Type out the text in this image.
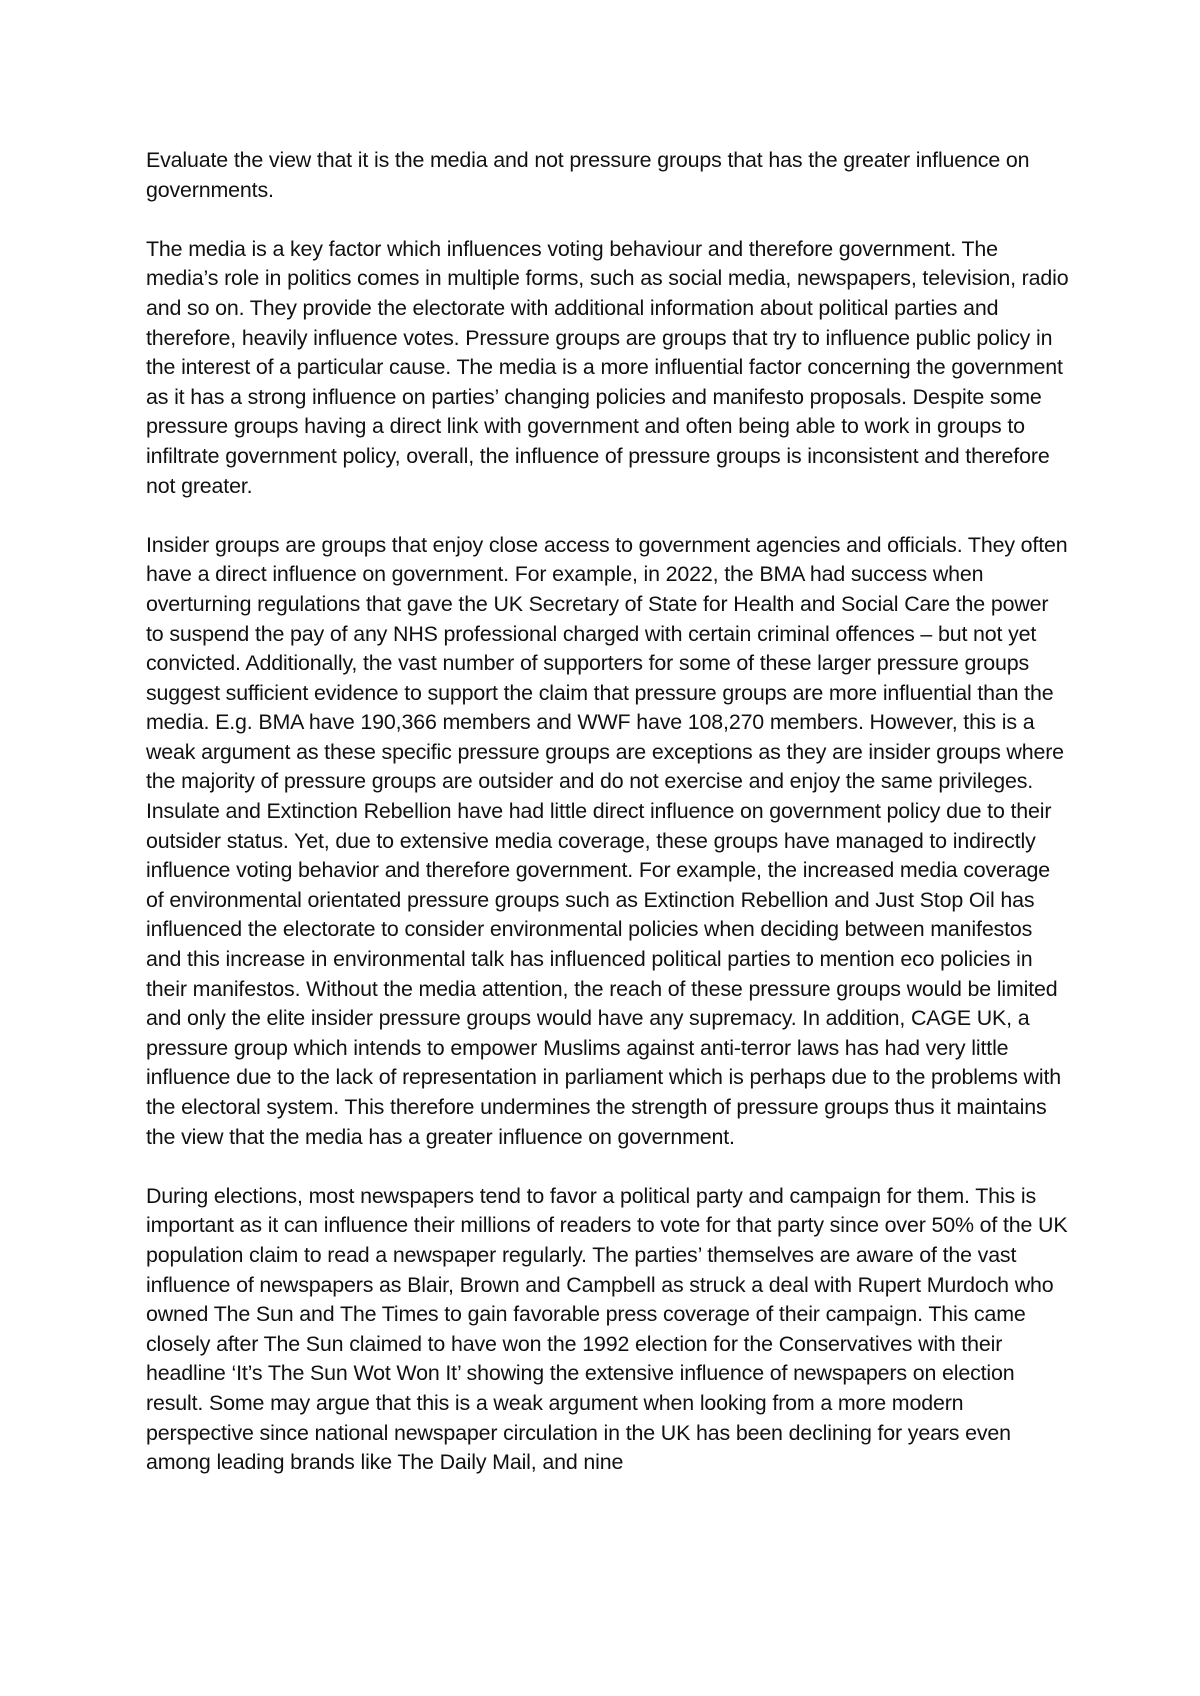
Evaluate the view that it is the media and not pressure groups that has the greater influence on governments.

The media is a key factor which influences voting behaviour and therefore government. The media’s role in politics comes in multiple forms, such as social media, newspapers, television, radio and so on. They provide the electorate with additional information about political parties and therefore, heavily influence votes. Pressure groups are groups that try to influence public policy in the interest of a particular cause. The media is a more influential factor concerning the government as it has a strong influence on parties’ changing policies and manifesto proposals. Despite some pressure groups having a direct link with government and often being able to work in groups to infiltrate government policy, overall, the influence of pressure groups is inconsistent and therefore not greater.

Insider groups are groups that enjoy close access to government agencies and officials. They often have a direct influence on government. For example, in 2022, the BMA had success when overturning regulations that gave the UK Secretary of State for Health and Social Care the power to suspend the pay of any NHS professional charged with certain criminal offences – but not yet convicted. Additionally, the vast number of supporters for some of these larger pressure groups suggest sufficient evidence to support the claim that pressure groups are more influential than the media. E.g. BMA have 190,366 members and WWF have 108,270 members. However, this is a weak argument as these specific pressure groups are exceptions as they are insider groups where the majority of pressure groups are outsider and do not exercise and enjoy the same privileges. Insulate and Extinction Rebellion have had little direct influence on government policy due to their outsider status. Yet, due to extensive media coverage, these groups have managed to indirectly influence voting behavior and therefore government. For example, the increased media coverage of environmental orientated pressure groups such as Extinction Rebellion and Just Stop Oil has influenced the electorate to consider environmental policies when deciding between manifestos and this increase in environmental talk has influenced political parties to mention eco policies in their manifestos. Without the media attention, the reach of these pressure groups would be limited and only the elite insider pressure groups would have any supremacy. In addition, CAGE UK, a pressure group which intends to empower Muslims against anti-terror laws has had very little influence due to the lack of representation in parliament which is perhaps due to the problems with the electoral system. This therefore undermines the strength of pressure groups thus it maintains the view that the media has a greater influence on government.

During elections, most newspapers tend to favor a political party and campaign for them. This is important as it can influence their millions of readers to vote for that party since over 50% of the UK population claim to read a newspaper regularly. The parties’ themselves are aware of the vast influence of newspapers as Blair, Brown and Campbell as struck a deal with Rupert Murdoch who owned The Sun and The Times to gain favorable press coverage of their campaign. This came closely after The Sun claimed to have won the 1992 election for the Conservatives with their headline ‘It’s The Sun Wot Won It’ showing the extensive influence of newspapers on election result. Some may argue that this is a weak argument when looking from a more modern perspective since national newspaper circulation in the UK has been declining for years even among leading brands like The Daily Mail, and nine
